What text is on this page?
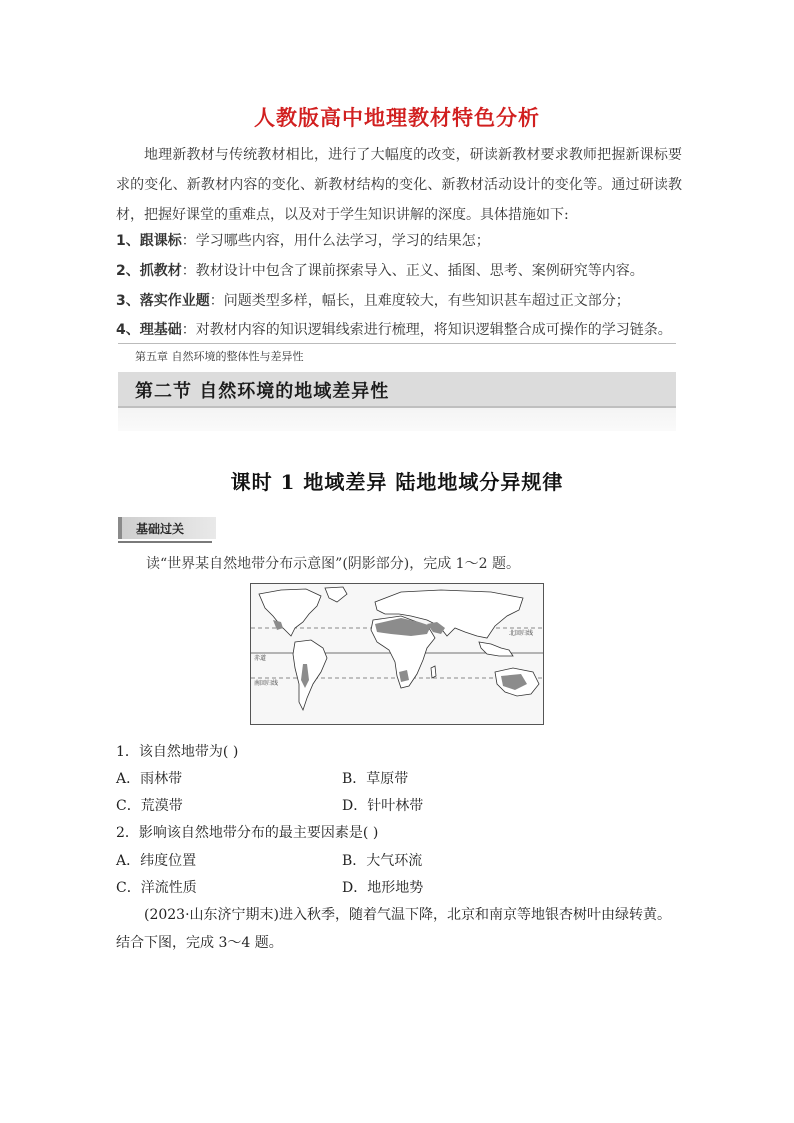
人教版高中地理教材特色分析
地理新教材与传统教材相比，进行了大幅度的改变，研读新教材要求教师把握新课标要求的变化、新教材内容的变化、新教材结构的变化、新教材活动设计的变化等。通过研读教材，把握好课堂的重难点，以及对于学生知识讲解的深度。具体措施如下:
1、跟课标：学习哪些内容，用什么法学习，学习的结果怎；
2、抓教材：教材设计中包含了课前探索导入、正义、插图、思考、案例研究等内容。
3、落实作业题：问题类型多样，幅长，且难度较大，有些知识甚车超过正文部分；
4、理基础：对教材内容的知识逻辑线索进行梳理，将知识逻辑整合成可操作的学习链条。
第五章 自然环境的整体性与差异性
第二节 自然环境的地域差异性
课时 1 地域差异 陆地地域分异规律
基础过关
读“世界某自然地带分布示意图”(阴影部分)，完成 1～2 题。
北回归线
赤道
南回归线
1．该自然地带为( )
A．雨林带	B．草原带
C．荒漠带	D．针叶林带
2．影响该自然地带分布的最主要因素是( )
A．纬度位置	B．大气环流
C．洋流性质	D．地形地势
(2023·山东济宁期末)进入秋季，随着气温下降，北京和南京等地银杏树叶由绿转黄。结合下图，完成 3～4 题。
